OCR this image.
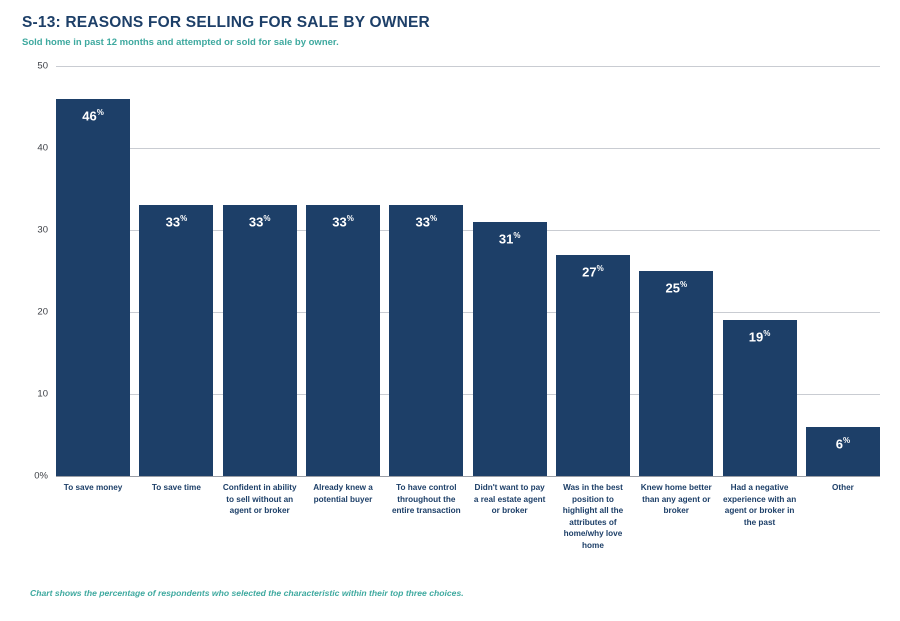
S-13: REASONS FOR SELLING FOR SALE BY OWNER
Sold home in past 12 months and attempted or sold for sale by owner.
0%
10
20
30
40
50
46%
33%	33%	33%	33%
31%
27%
25%
19%
6%
To save money	To save time	Confident in ability to sell without an agent or broker
Already knew a potential buyer
To have control throughout the entire transaction
Didn't want to pay a real estate agent or broker
Was in the best position to highlight all the attributes of home/why love home
Knew home better than any agent or broker
Had a negative experience with an agent or broker in the past
Other
Chart shows the percentage of respondents who selected the characteristic within their top three choices.
